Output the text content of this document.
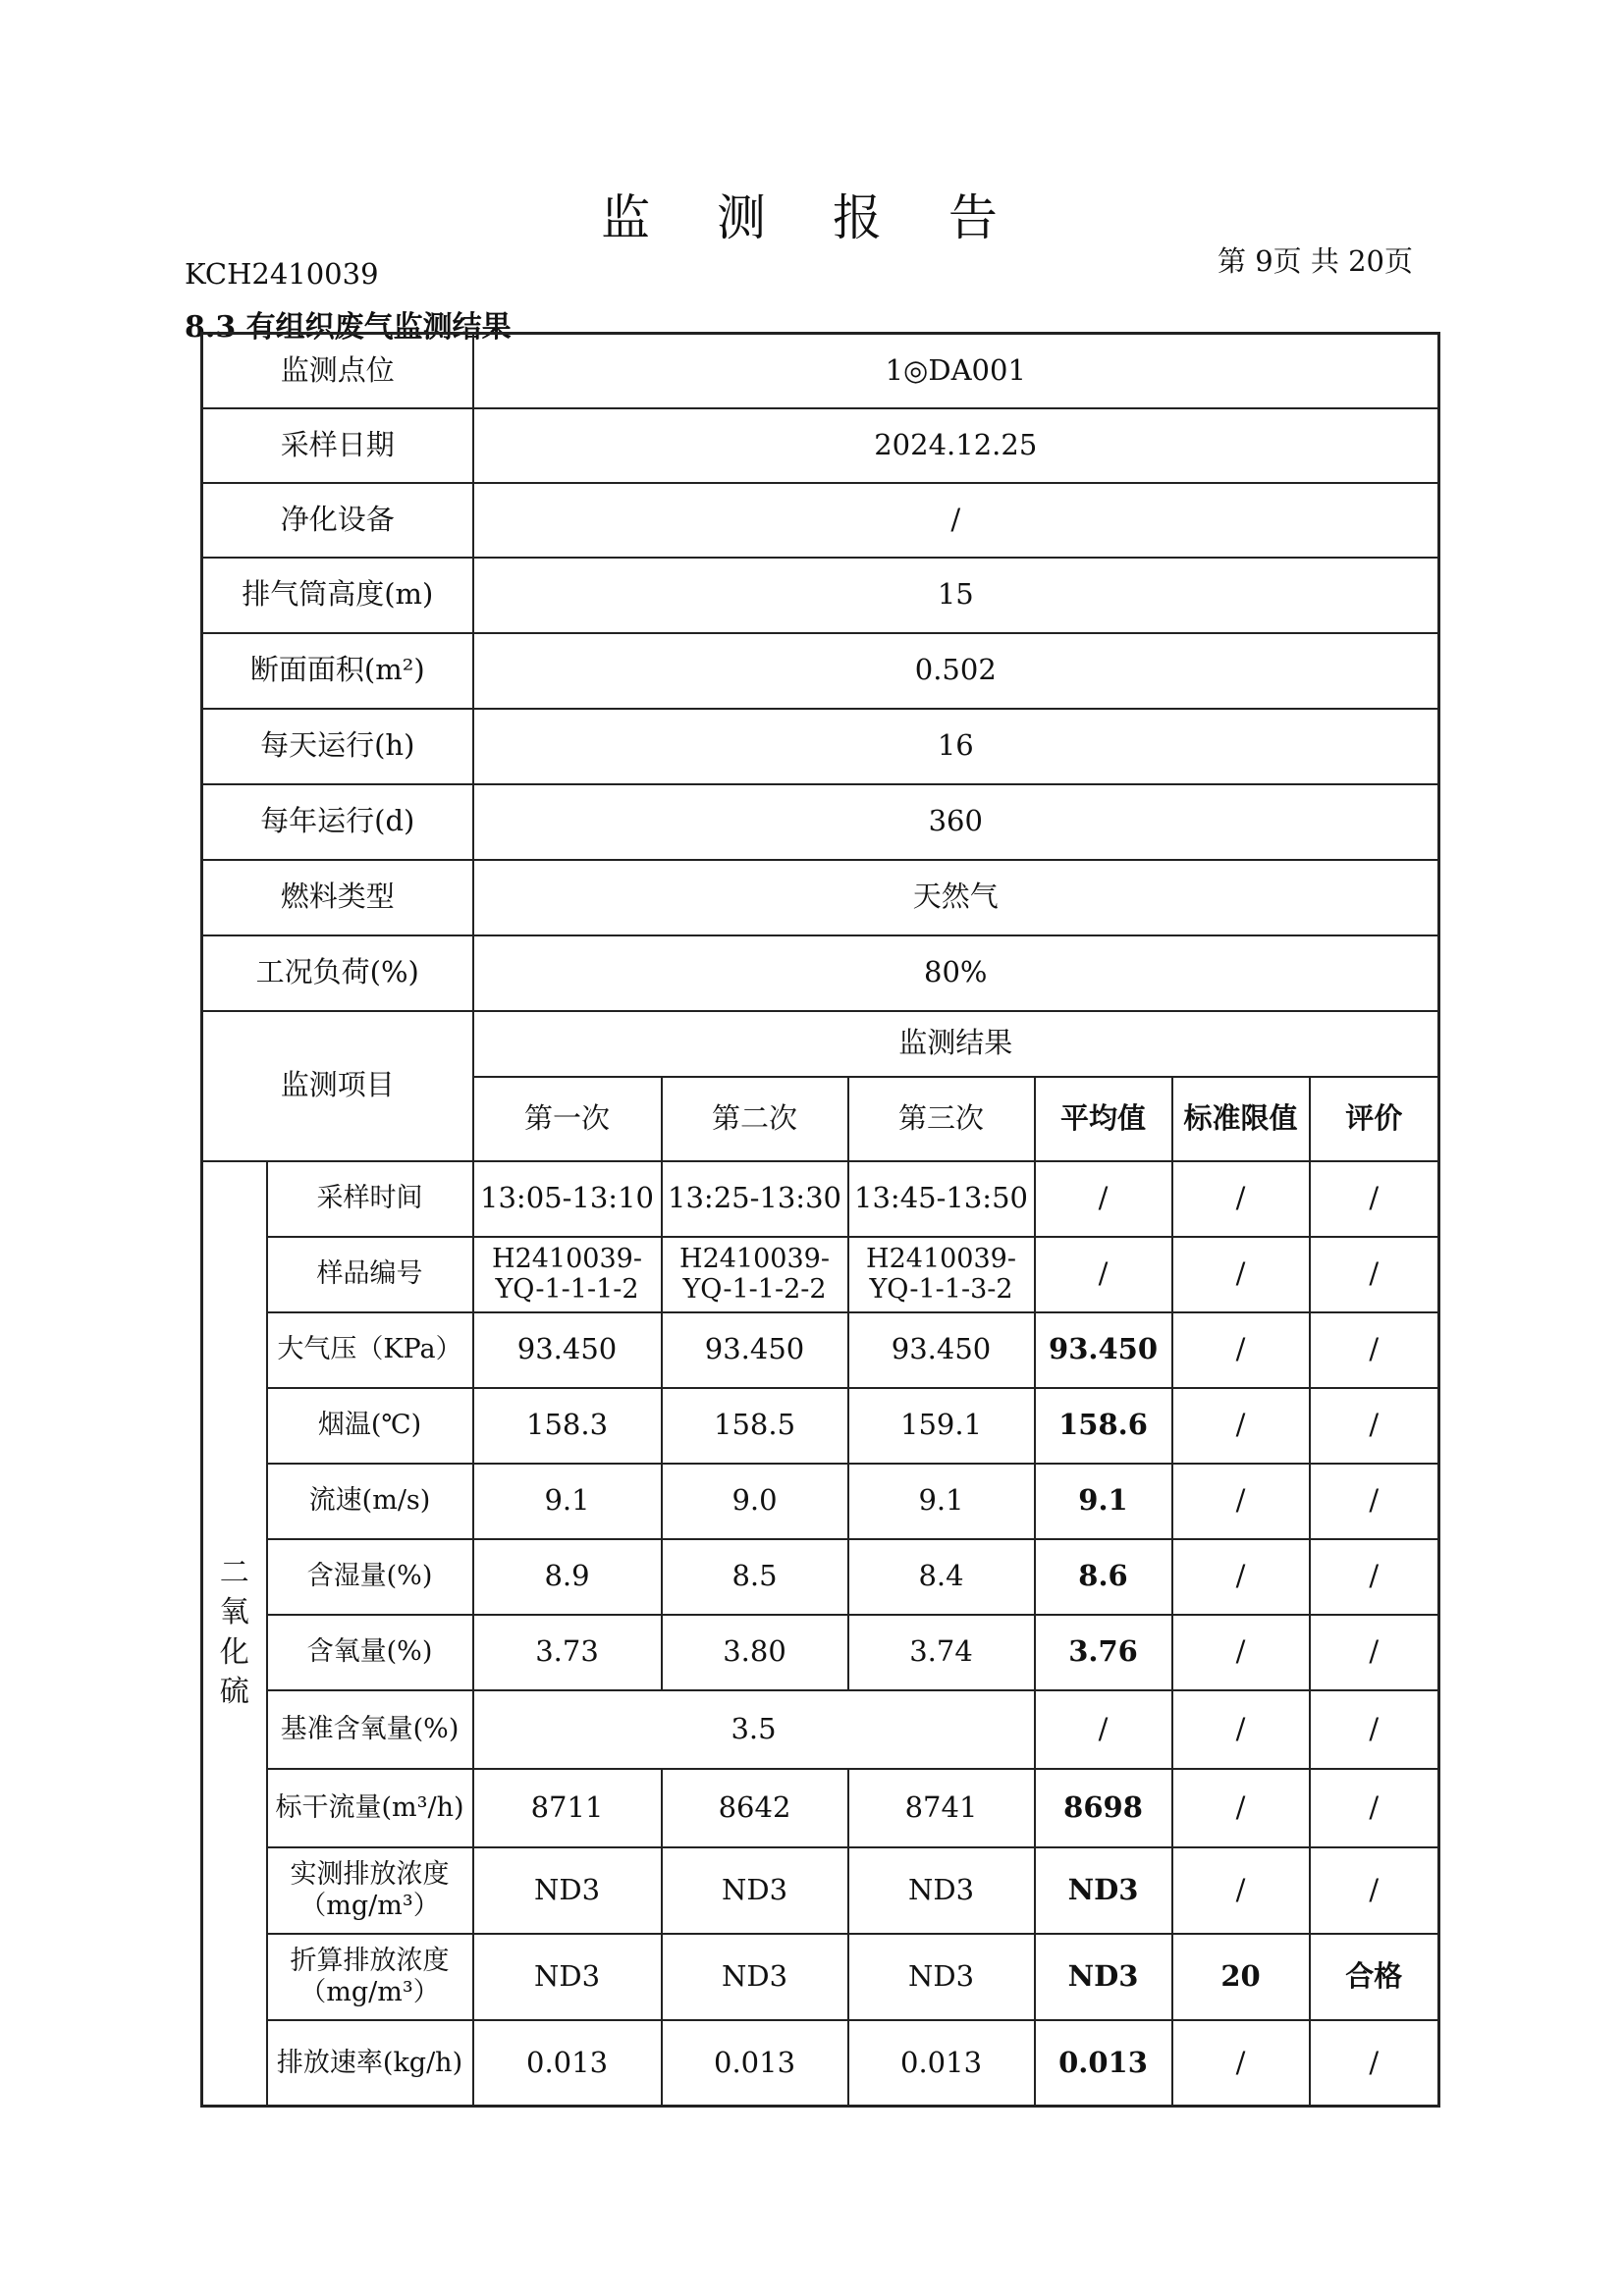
监 测 报 告
KCH2410039	第 9页 共 20页
8.3 有组织废气监测结果
监测点位		1◎DA001					
采样日期		2024.12.25					
净化设备		/					
排气筒高度(m)		15					
断面面积(m²)		0.502					
每天运行(h)		16					
每年运行(d)		360					
燃料类型		天然气					
工况负荷(%)		80%					
监测项目		监测结果					
		第一次	第二次	第三次	平均值	标准限值	评价
二
氧
化
硫	采样时间	13:05-13:10	13:25-13:30	13:45-13:50	/	/	/
	样品编号	H2410039-YQ-1-1-1-2	H2410039-YQ-1-1-2-2	H2410039-YQ-1-1-3-2	/	/	/
	大气压（KPa）	93.450	93.450	93.450	93.450	/	/
	烟温(℃)	158.3	158.5	159.1	158.6	/	/
	流速(m/s)	9.1	9.0	9.1	9.1	/	/
	含湿量(%)	8.9	8.5	8.4	8.6	/	/
	含氧量(%)	3.73	3.80	3.74	3.76	/	/
	基准含氧量(%)	3.5			/	/	/
	标干流量(m³/h)	8711	8642	8741	8698	/	/
	实测排放浓度（mg/m³）	ND3	ND3	ND3	ND3	/	/
	折算排放浓度（mg/m³）	ND3	ND3	ND3	ND3	20	合格
	排放速率(kg/h)	0.013	0.013	0.013	0.013	/	/
